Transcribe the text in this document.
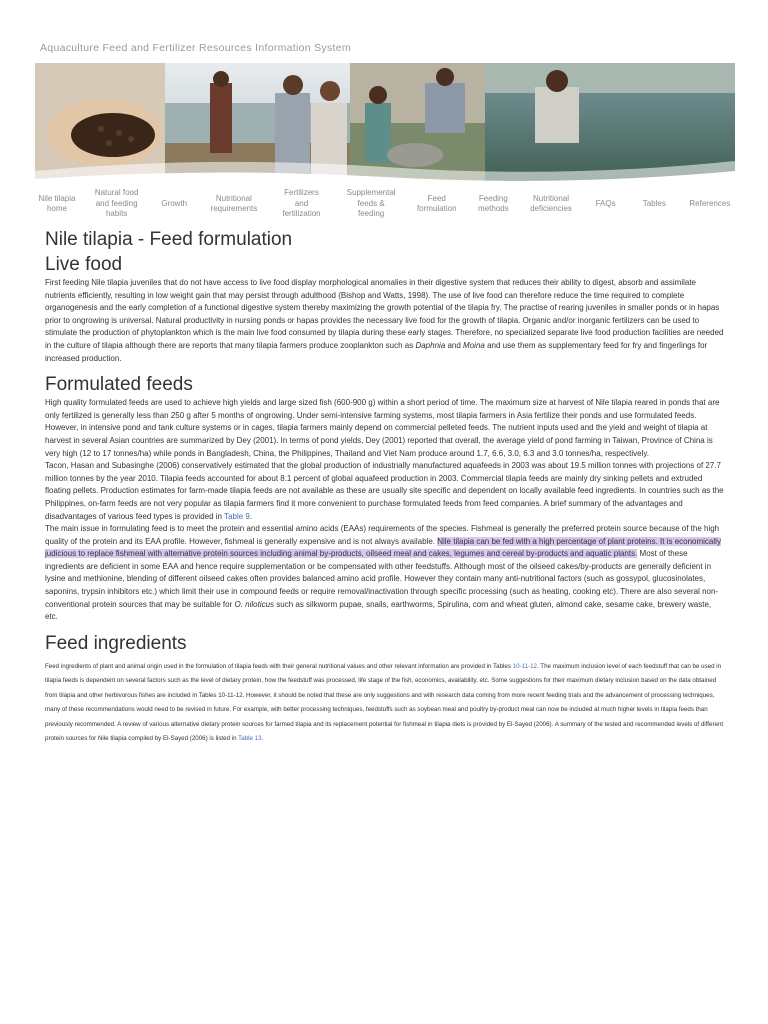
Aquaculture Feed and Fertilizer Resources Information System
Nile tilapia home
Natural food and feeding habits
Growth
Nutritional requirements
Fertilizers and fertilization
Supplemental feeds & feeding
Feed formulation
Feeding methods
Nutritional deficiencies
FAQs	Tables	References
Nile tilapia - Feed formulation
Live food

First feeding Nile tilapia juveniles that do not have access to live food display morphological anomalies in their digestive system that reduces their ability to digest, absorb and assimilate nutrients efficiently, resulting in low weight gain that may persist through adulthood (Bishop and Watts, 1998). The use of live food can therefore reduce the time required to complete organogenesis and the early completion of a functional digestive system thereby maximizing the growth potential of the tilapia fry. The practise of rearing juveniles in smaller ponds or in hapas prior to ongrowing is universal. Natural productivity in nursing ponds or hapas provides the necessary live food for the growth of tilapia. Organic and/or inorganic fertilizers can be used to stimulate the production of phytoplankton which is the main live food consumed by tilapia during these early stages. Therefore, no specialized separate live food production facilities are needed in the culture of tilapia although there are reports that many tilapia farmers produce zooplankton such as Daphnia and Moina and use them as supplementary feed for fry and fingerlings for increased production.

Formulated feeds

High quality formulated feeds are used to achieve high yields and large sized fish (600-900 g) within a short period of time. The maximum size at harvest of Nile tilapia reared in ponds that are only fertilized is generally less than 250 g after 5 months of ongrowing. Under semi-intensive farming systems, most tilapia farmers in Asia fertilize their ponds and use formulated feeds. However, in intensive pond and tank culture systems or in cages, tilapia farmers mainly depend on commercial pelleted feeds. The nutrient inputs used and the yield and weight of tilapia at harvest in several Asian countries are summarized by Dey (2001). In terms of pond yields, Dey (2001) reported that overall, the average yield of pond farming in Taiwan, Province of China is very high (12 to 17 tonnes/ha) while ponds in Bangladesh, China, the Philippines, Thailand and Viet Nam produce around 1.7, 6.6, 3.0, 6.3 and 3.0 tonnes/ha, respectively.

Tacon, Hasan and Subasinghe (2006) conservatively estimated that the global production of industrially manufactured aquafeeds in 2003 was about 19.5 million tonnes with projections of 27.7 million tonnes by the year 2010. Tilapia feeds accounted for about 8.1 percent of global aquafeed production in 2003. Commercial tilapia feeds are mainly dry sinking pellets and extruded floating pellets. Production estimates for farm-made tilapia feeds are not available as these are usually site specific and dependent on locally available feed ingredients. In countries such as the Philippines, on-farm feeds are not very popular as tilapia farmers find it more convenient to purchase formulated feeds from feed companies. A brief summary of the advantages and disadvantages of various feed types is provided in Table 9.

The main issue in formulating feed is to meet the protein and essential amino acids (EAAs) requirements of the species. Fishmeal is generally the preferred protein source because of the high quality of the protein and its EAA profile. However, fishmeal is generally expensive and is not always available. Nile tilapia can be fed with a high percentage of plant proteins. It is economically judicious to replace fishmeal with alternative protein sources including animal by-products, oilseed meal and cakes, legumes and cereal by-products and aquatic plants. Most of these ingredients are deficient in some EAA and hence require supplementation or be compensated with other feedstuffs. Although most of the oilseed cakes/by-products are generally deficient in lysine and methionine, blending of different oilseed cakes often provides balanced amino acid profile. However they contain many anti-nutritional factors (such as gossypol, glucosinolates, saponins, trypsin inhibitors etc.) which limit their use in compound feeds or require removal/inactivation through specific processing (such as heating, cooking etc). There are also several non-conventional protein sources that may be suitable for O. niloticus such as silkworm pupae, snails, earthworms, Spirulina, corn and wheat gluten, almond cake, sesame cake, brewery waste, etc.

Feed ingredients

Feed ingredients of plant and animal origin used in the formulation of tilapia feeds with their general nutritional values and other relevant information are provided in Tables 10-11-12. The maximum inclusion level of each feedstuff that can be used in tilapia feeds is dependent on several factors such as the level of dietary protein, how the feedstuff was processed, life stage of the fish, economics, availability, etc. Some suggestions for their maximum dietary inclusion based on the data obtained from tilapia and other herbivorous fishes are included in Tables 10-11-12. However, it should be noted that these are only suggestions and with research data coming from more recent feeding trials and the advancement of processing techniques, many of these recommendations would need to be revised in future. For example, with better processing techniques, feedstuffs such as soybean meal and poultry by-product meal can now be included at much higher levels in tilapia feeds than previously recommended. A review of various alternative dietary protein sources for farmed tilapia and its replacement potential for fishmeal in tilapia diets is provided by El-Sayed (2006). A summary of the tested and recommended levels of different protein sources for Nile tilapia compiled by El-Sayed (2006) is listed in Table 13.
